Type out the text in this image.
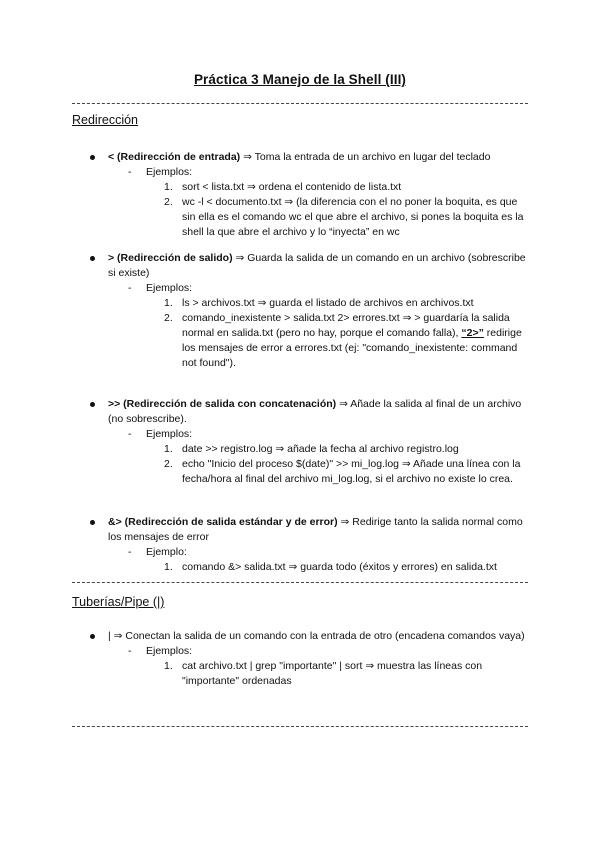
Práctica 3 Manejo de la Shell (III)
Redirección
< (Redirección de entrada) ⇒ Toma la entrada de un archivo en lugar del teclado
- Ejemplos:
1. sort < lista.txt ⇒ ordena el contenido de lista.txt
2. wc -l < documento.txt ⇒ (la diferencia con el no poner la boquita, es que sin ella es el comando wc el que abre el archivo, si pones la boquita es la shell la que abre el archivo y lo “inyecta” en wc
> (Redirección de salido) ⇒ Guarda la salida de un comando en un archivo (sobrescribe si existe)
- Ejemplos:
1. ls > archivos.txt ⇒ guarda el listado de archivos en archivos.txt
2. comando_inexistente > salida.txt 2> errores.txt ⇒ > guardaría la salida normal en salida.txt (pero no hay, porque el comando falla), “2>” redirige los mensajes de error a errores.txt (ej: "comando_inexistente: command not found").
>> (Redirección de salida con concatenación) ⇒ Añade la salida al final de un archivo (no sobrescribe).
- Ejemplos:
1. date >> registro.log ⇒ añade la fecha al archivo registro.log
2. echo "Inicio del proceso $(date)" >> mi_log.log ⇒ Añade una línea con la fecha/hora al final del archivo mi_log.log, si el archivo no existe lo crea.
&> (Redirección de salida estándar y de error) ⇒ Redirige tanto la salida normal como los mensajes de error
- Ejemplo:
1. comando &> salida.txt ⇒ guarda todo (éxitos y errores) en salida.txt
Tuberías/Pipe (|)
| ⇒ Conectan la salida de un comando con la entrada de otro (encadena comandos vaya)
- Ejemplos:
1. cat archivo.txt | grep "importante" | sort ⇒ muestra las líneas con "importante" ordenadas
